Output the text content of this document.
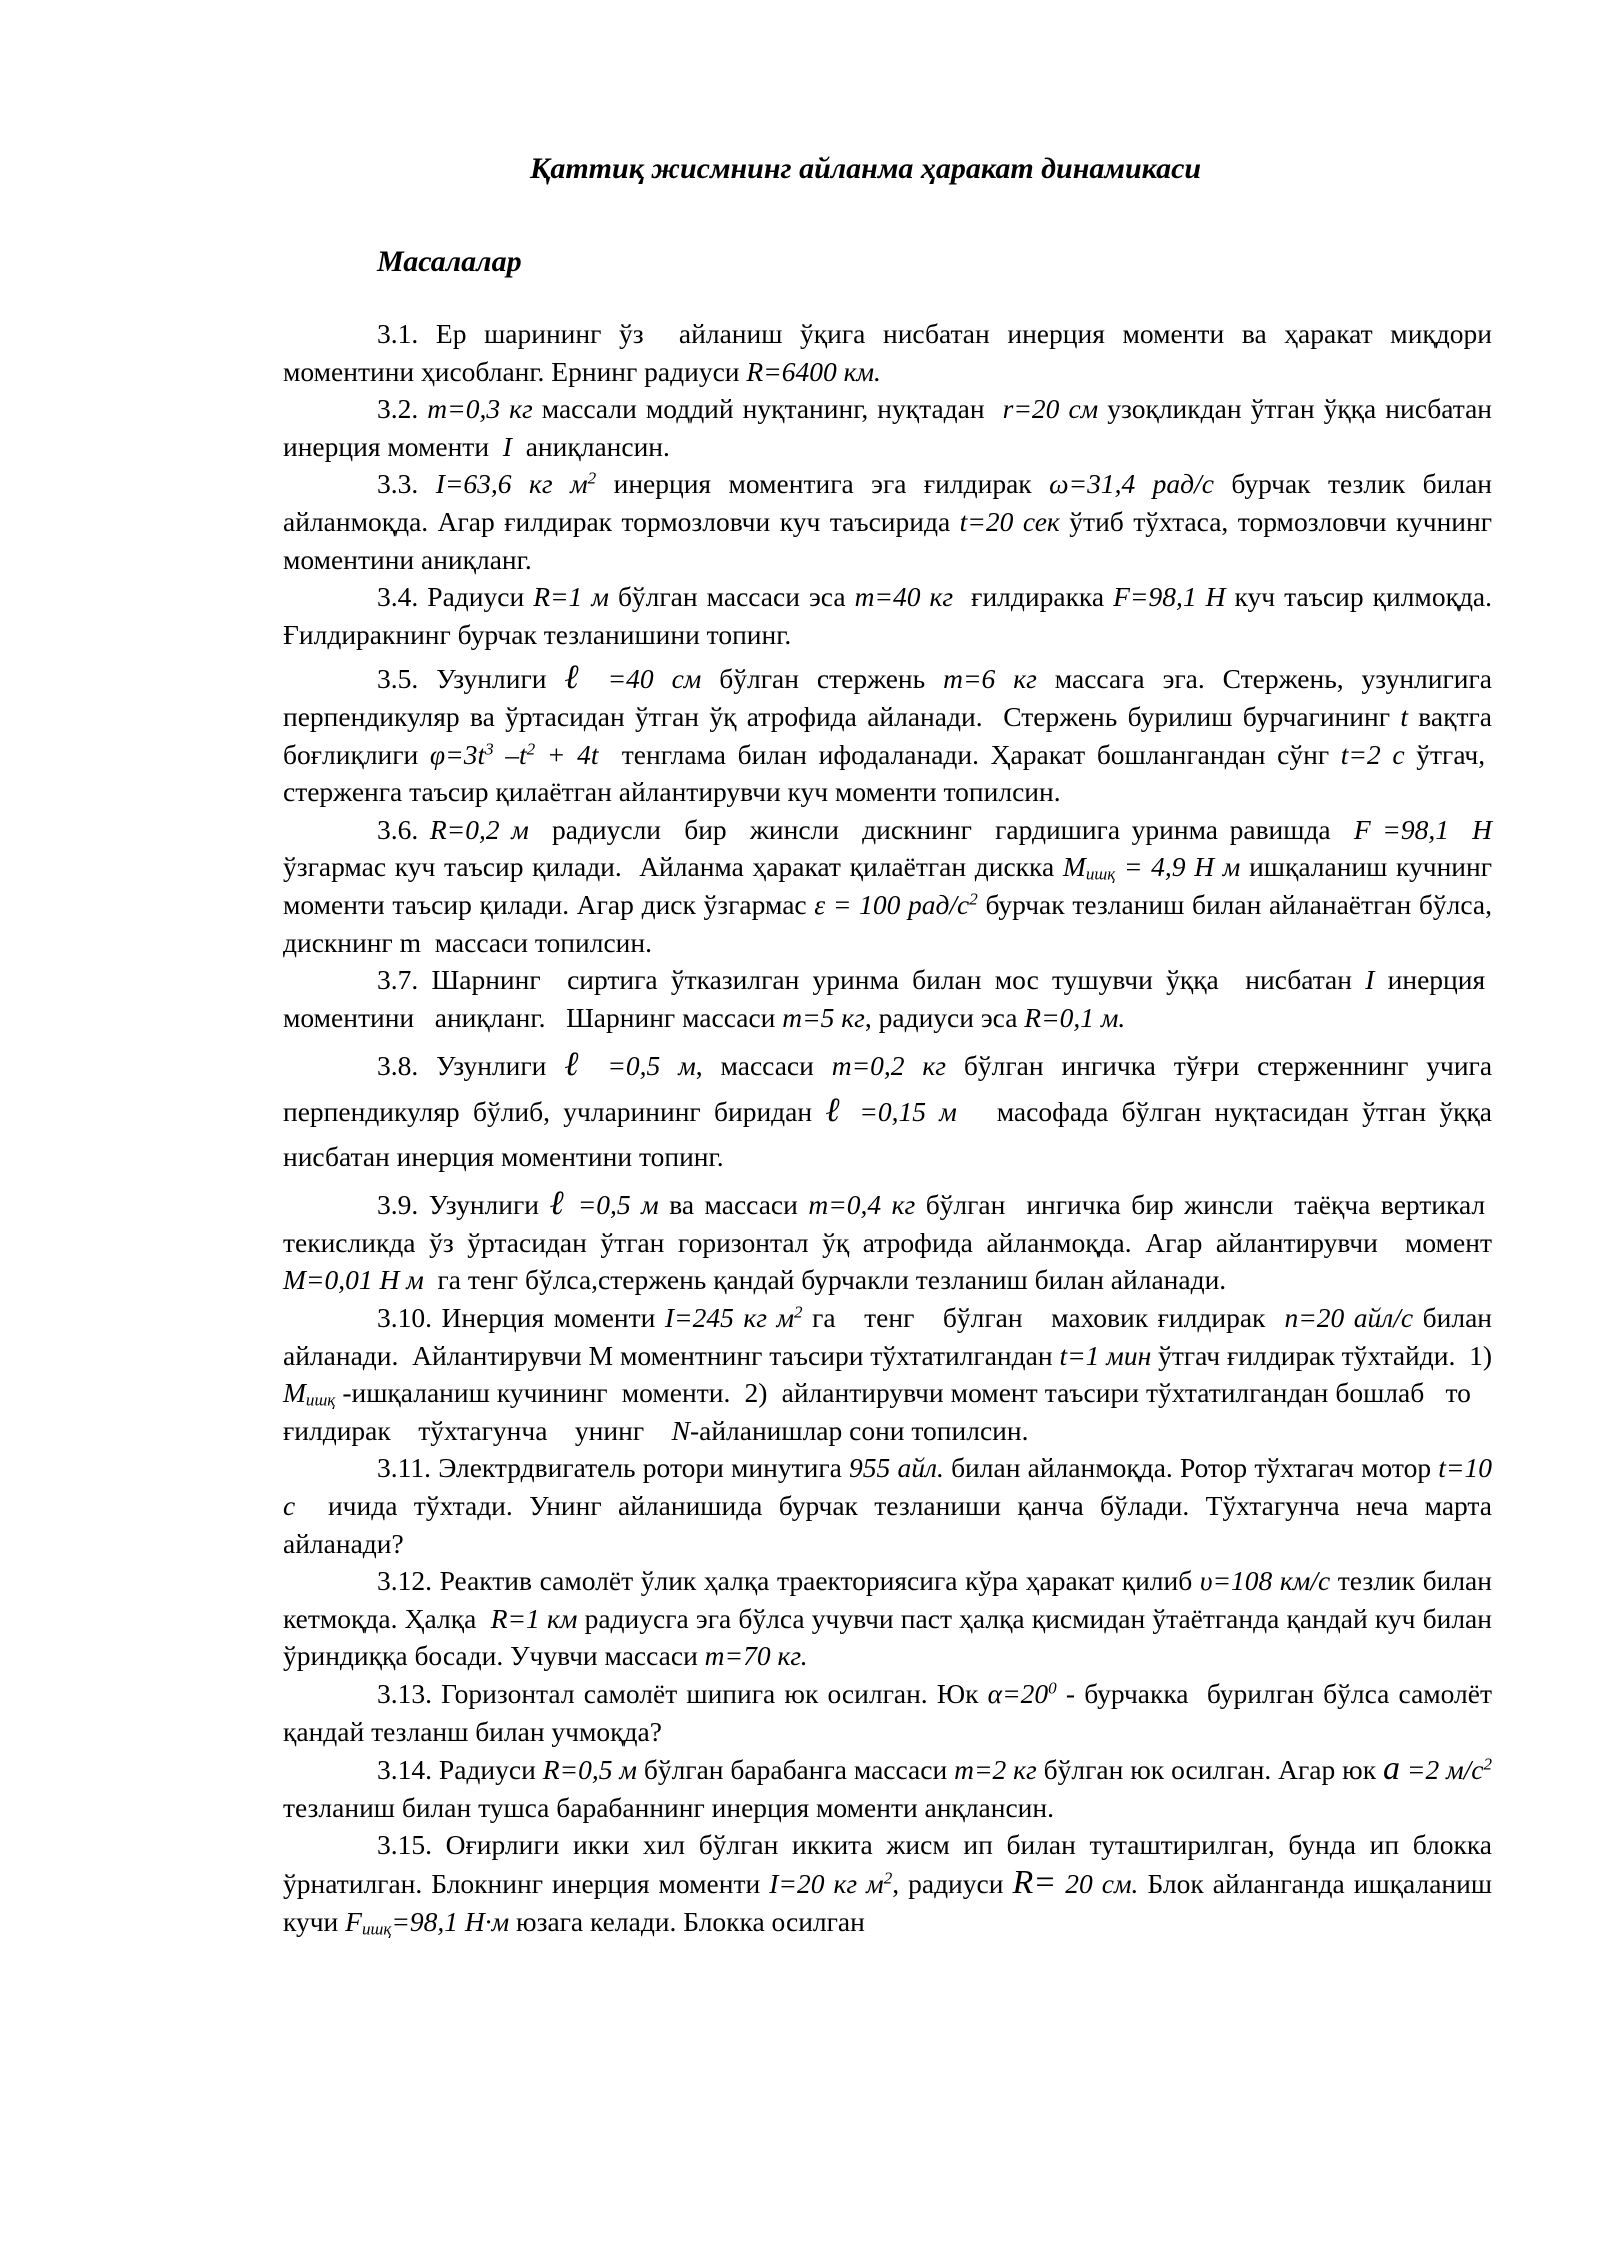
Қаттиқ жисмнинг айланма ҳаракат динамикаси
Масалалар

3.1. Ер шарининг ўз  айланиш ўқига нисбатан инерция моменти ва ҳаракат миқдори моментини ҳисобланг. Ернинг радиуси R=6400 км.

3.2. m=0,3 кг массали моддий нуқтанинг, нуқтадан  r=20 см узоқликдан ўтган ўққа нисбатан инерция моменти  I  аниқлансин.

3.3. I=63,6 кг $м^2$ инерция моментига эга ғилдирак ω=31,4 рад/с бурчак тезлик билан айланмоқда. Агар ғилдирак тормозловчи куч таъсирида t=20 сек ўтиб тўхтаса, тормозловчи кучнинг моментини аниқланг.

3.4. Радиуси R=1 м бўлган массаси эса m=40 кг  ғилдиракка F=98,1 Н куч таъсир қилмоқда. Ғилдиракнинг бурчак тезланишини топинг.

3.5. Узунлиги ℓ =40 см бўлган стержень m=6 кг массага эга. Стержень, узунлигига перпендикуляр ва ўртасидан ўтган ўқ атрофида айланади.  Стержень бурилиш бурчагининг t вақтга боғлиқлиги $\varphi=3t^3$ $-t^2 + 4t$  тенглама билан ифодаланади. Ҳаракат бошлангандан сўнг t=2 с ўтгач,  стерженга таъсир қилаётган айлантирувчи куч моменти топилсин.

3.6. R=0,2 м  радиусли  бир  жинсли  дискнинг  гардишига уринма равишда  F =98,1  Н ўзгармас куч таъсир қилади.  Айланма ҳаракат қилаётган дискка $М_{ишқ} = 4,9$ Н м ишқаланиш кучнинг моменти таъсир қилади. Агар диск ўзгармас ε = 100 рад/$с^2$ бурчак тезланиш билан айланаётган бўлса, дискнинг m  массаси топилсин.

3.7. Шарнинг  сиртига ўтказилган уринма билан мос тушувчи ўққа  нисбатан I инерция  моментини   аниқланг.   Шарнинг массаси m=5 кг, радиуси эса R=0,1 м.

3.8. Узунлиги ℓ =0,5 м, массаси m=0,2 кг бўлган ингичка тўғри стерженнинг учига перпендикуляр бўлиб, учларининг биридан ℓ =0,15 м   масофада бўлган нуқтасидан ўтган ўққа нисбатан инерция моментини топинг.

3.9. Узунлиги ℓ =0,5 м ва массаси m=0,4 кг бўлган  ингичка бир жинсли  таёқча вертикал  текисликда ўз ўртасидан ўтган горизонтал ўқ атрофида айланмоқда. Агар айлантирувчи  момент M=0,01 Н м  га тенг бўлса,стержень қандай бурчакли тезланиш билан айланади.

3.10. Инерция моменти I=245 кг $м^2$ га   тенг   бўлган   маховик ғилдирак  n=20 айл/с билан айланади.  Айлантирувчи М моментнинг таъсири тўхтатилгандан t=1 мин ўтгач ғилдирак тўхтайди.  1) $М_{ишқ}$ -ишқаланиш кучининг  моменти.  2)  айлантирувчи момент таъсири тўхтатилгандан бошлаб   то    ғилдирак    тўхтагунча    унинг    N-айланишлар сони топилсин.

3.11. Электрдвигатель ротори минутига 955 айл. билан айланмоқда. Ротор тўхтагач мотор t=10 с  ичида тўхтади. Унинг айланишида бурчак тезланиши қанча бўлади. Тўхтагунча неча марта айланади?

3.12. Реактив самолёт ўлик ҳалқа траекториясига кўра ҳаракат қилиб υ=108 км/с тезлик билан кетмоқда. Ҳалқа  R=1 км радиусга эга бўлса учувчи паст ҳалқа қисмидан ўтаётганда қандай куч билан ўриндиққа босади. Учувчи массаси m=70 кг.

3.13. Горизонтал самолёт шипига юк осилган. Юк $\alpha=20^0$ - бурчакка  бурилган бўлса самолёт қандай тезланш билан учмоқда?

3.14. Радиуси R=0,5 м бўлган барабанга массаси m=2 кг бўлган юк осилган. Агар юк a =2 $м/с^2$ тезланиш билан тушса барабаннинг инерция моменти анқлансин.

3.15. Оғирлиги икки хил бўлган иккита жисм ип билан туташтирилган, бунда ип блокка ўрнатилган. Блокнинг инерция моменти I=20 кг $м^2$, радиуси R= 20 см. Блок айланганда ишқаланиш кучи $F_{ишқ}=98,1$ Н·м юзага келади. Блокка осилган
